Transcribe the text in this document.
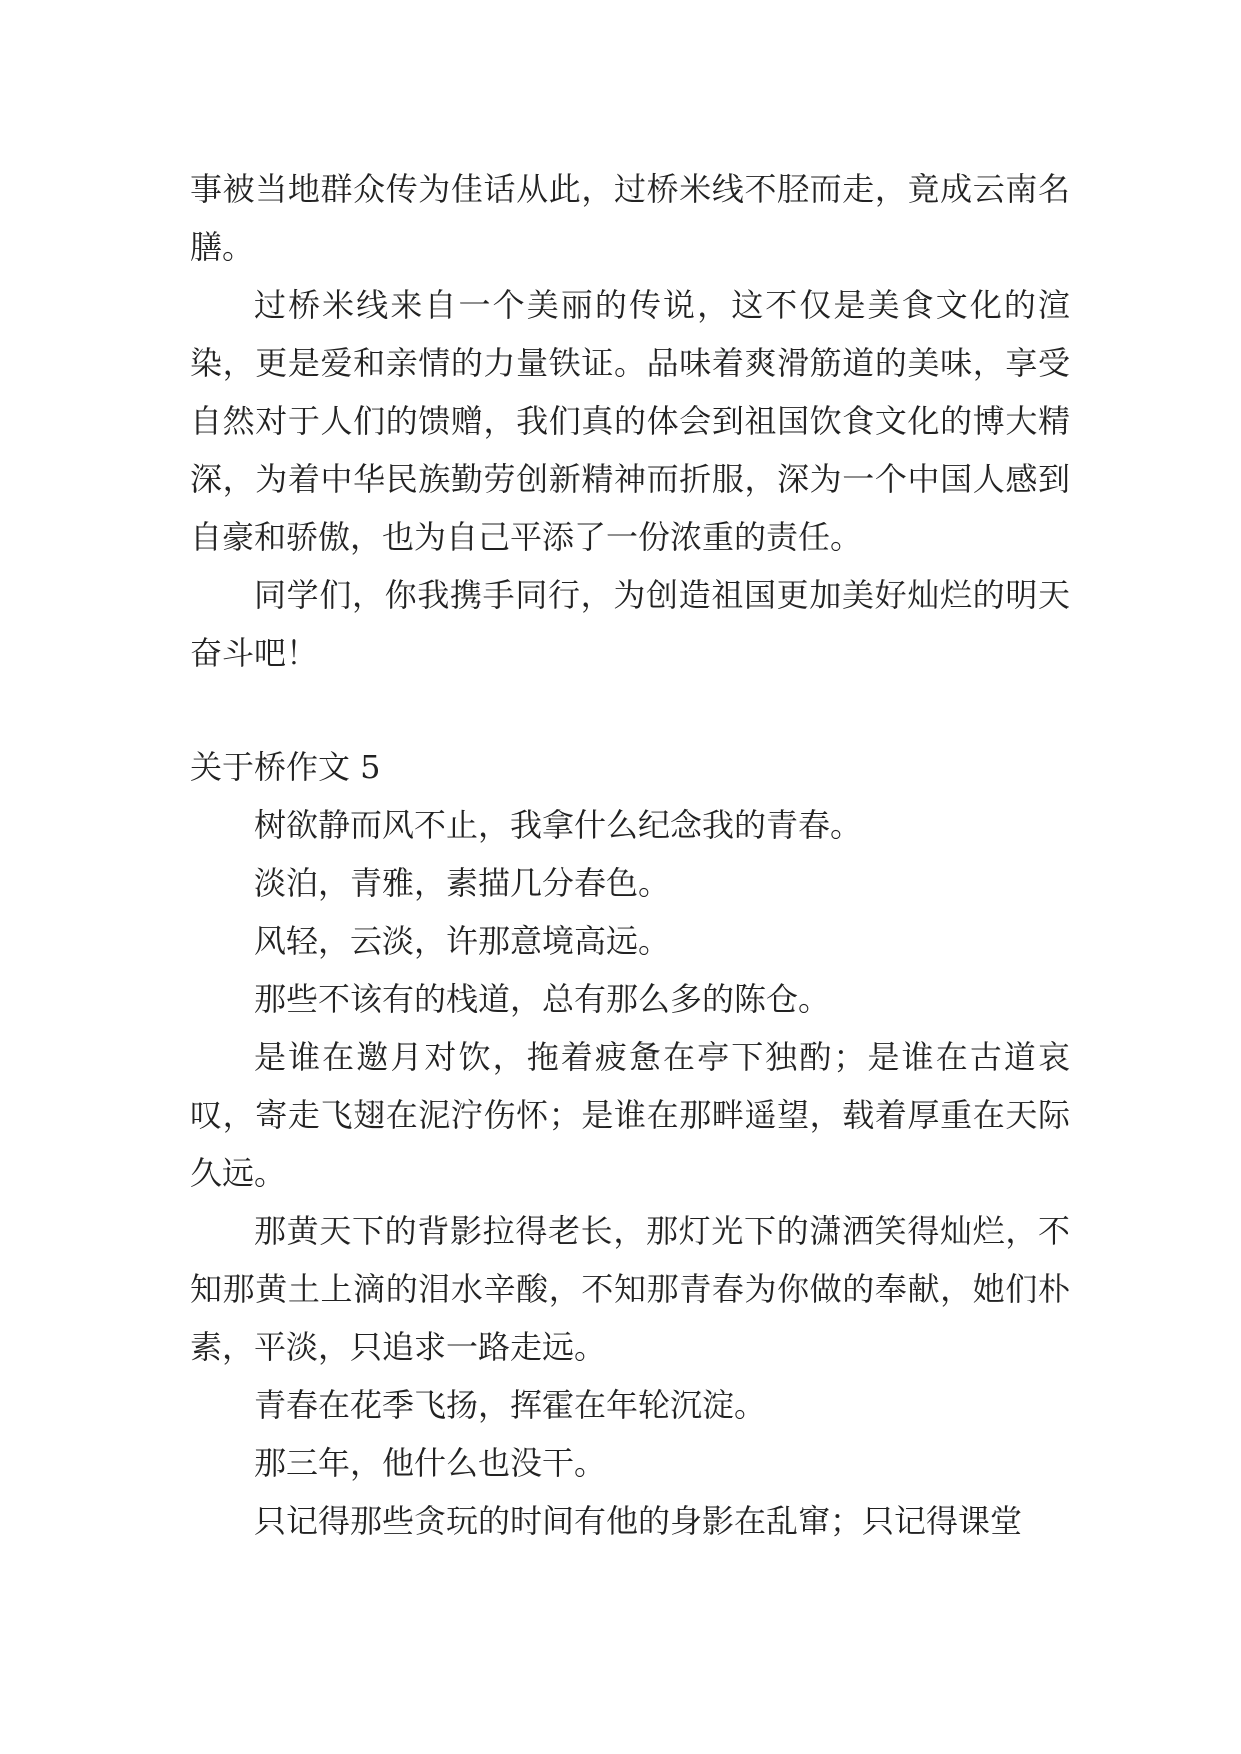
事被当地群众传为佳话从此，过桥米线不胫而走，竟成云南名膳。

过桥米线来自一个美丽的传说，这不仅是美食文化的渲染，更是爱和亲情的力量铁证。品味着爽滑筋道的美味，享受自然对于人们的馈赠，我们真的体会到祖国饮食文化的博大精深，为着中华民族勤劳创新精神而折服，深为一个中国人感到自豪和骄傲，也为自己平添了一份浓重的责任。

同学们，你我携手同行，为创造祖国更加美好灿烂的明天奋斗吧！

关于桥作文 5

树欲静而风不止，我拿什么纪念我的青春。

淡泊，青雅，素描几分春色。

风轻，云淡，许那意境高远。

那些不该有的栈道，总有那么多的陈仓。

是谁在邀月对饮，拖着疲惫在亭下独酌；是谁在古道哀叹，寄走飞翅在泥泞伤怀；是谁在那畔遥望，载着厚重在天际久远。

那黄天下的背影拉得老长，那灯光下的潇洒笑得灿烂，不知那黄土上滴的泪水辛酸，不知那青春为你做的奉献，她们朴素，平淡，只追求一路走远。

青春在花季飞扬，挥霍在年轮沉淀。

那三年，他什么也没干。

只记得那些贪玩的时间有他的身影在乱窜；只记得课堂
